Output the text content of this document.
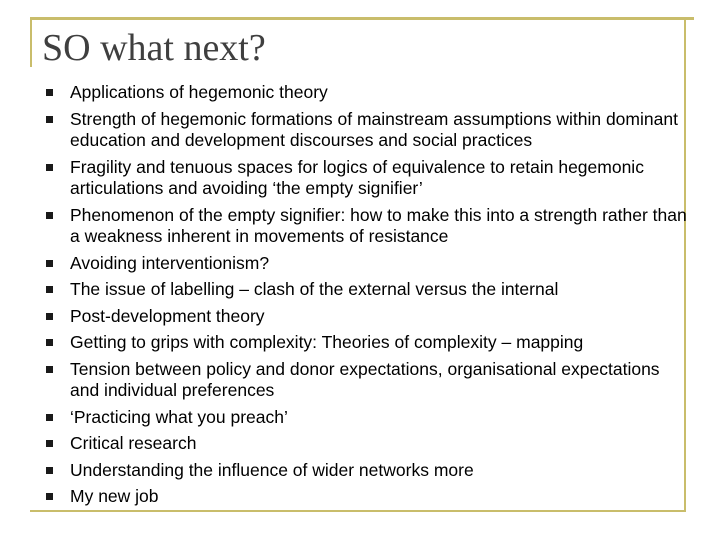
SO what next?
Applications of hegemonic theory
Strength of hegemonic formations of mainstream assumptions within dominant education and development discourses and social practices
Fragility and tenuous spaces for logics of equivalence to retain hegemonic articulations and avoiding ‘the empty signifier’
Phenomenon of the empty signifier: how to make this into a strength rather than a weakness inherent in movements of resistance
Avoiding interventionism?
The issue of labelling – clash of the external versus the internal
Post-development theory
Getting to grips with complexity: Theories of complexity – mapping
Tension between policy and donor expectations, organisational expectations and individual preferences
‘Practicing what you preach’
Critical research
Understanding the influence of wider networks more
My new job
